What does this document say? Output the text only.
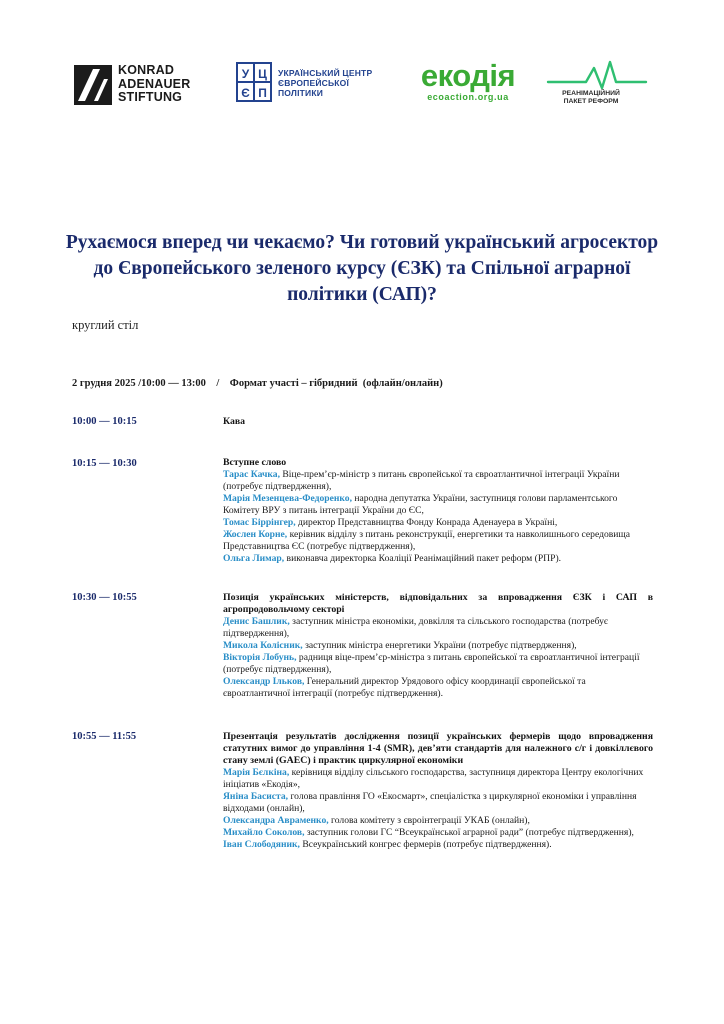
KONRAD
ADENAUER
STIFTUNG
У Ц
Є П
УКРАЇНСЬКИЙ ЦЕНТР
ЄВРОПЕЙСЬКОЇ
ПОЛІТИКИ	екодія
ecoaction.org.ua	РЕАНІМАЦІЙНИЙ
ПАКЕТ РЕФОРМ
Рухаємося вперед чи чекаємо? Чи готовий український агросектор до Європейського зеленого курсу (ЄЗК) та Спільної аграрної політики (САП)?

круглий стіл

2 грудня 2025 /10:00 — 13:00    /    Формат участі – гібридний  (офлайн/онлайн)
10:00 — 10:15	Кава
10:15 — 10:30	Вступне слово

Тарас Качка, Віце-прем’єр-міністр з питань європейської та євроатлантичної інтеграції України (потребує підтвердження),

Марія Мезенцева-Федоренко, народна депутатка України, заступниця голови парламентського Комітету ВРУ з питань інтеграції України до ЄС,

Томас Біррінгер, директор Представництва Фонду Конрада Аденауера в Україні,

Жослен Корне, керівник відділу з питань реконструкції, енергетики та навколишнього середовища Представництва ЄС (потребує підтвердження),

Ольга Лимар, виконавча директорка Коаліції Реанімаційний пакет реформ (РПР).

10:30 — 10:55	Позиція українських міністерств, відповідальних за впровадження ЄЗК і САП в агропродовольчому секторі

Денис Башлик, заступник міністра економіки, довкілля та сільського господарства (потребує підтвердження),

Микола Колісник, заступник міністра енергетики України (потребує підтвердження),

Вікторія Лобунь, радниця віце-прем’єр-міністра з питань європейської та євроатлантичної інтеграції (потребує підтвердження),

Олександр Ільков, Генеральний директор Урядового офісу координації європейської та євроатлантичної інтеграції (потребує підтвердження).

10:55 — 11:55	Презентація результатів дослідження позиції українських фермерів щодо впровадження статутних вимог до управління 1-4 (SMR), дев’яти стандартів для належного с/г і довкіллєвого стану землі (GAEC) і практик циркулярної економіки

Марія Бєлкіна, керівниця відділу сільського господарства, заступниця директора Центру екологічних ініціатив «Екодія»,

Яніна Басиста, голова правління ГО «Екосмарт», спеціалістка з циркулярної економіки і управління відходами (онлайн),

Олександра Авраменко, голова комітету з євроінтеграції УКАБ (онлайн),

Михайло Соколов, заступник голови ГС “Всеукраїнської аграрної ради” (потребує підтвердження),

Іван Слободяник, Всеукраїнський конгрес фермерів (потребує підтвердження).
